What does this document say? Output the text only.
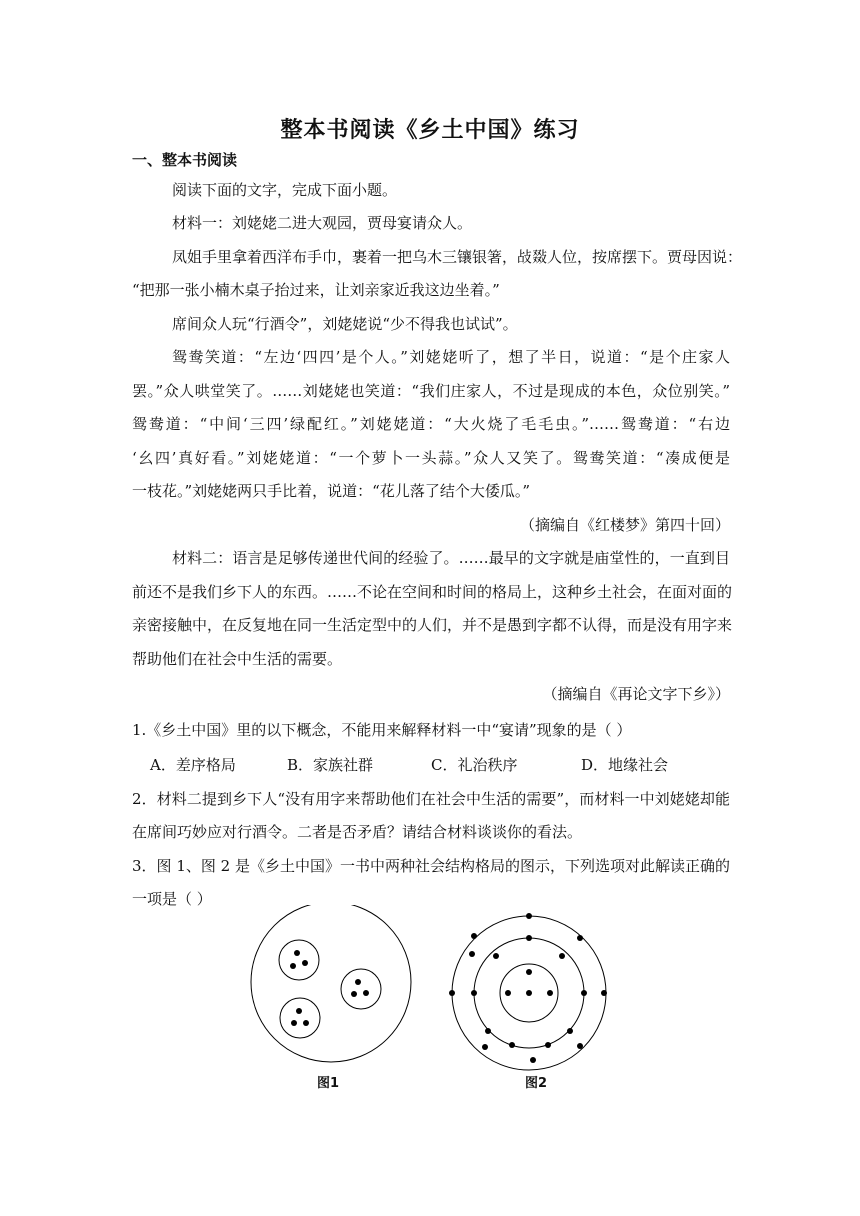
整本书阅读《乡土中国》练习
一、整本书阅读
阅读下面的文字，完成下面小题。
材料一：刘姥姥二进大观园，贾母宴请众人。
凤姐手里拿着西洋布手巾，裹着一把乌木三镶银箸，敁敠人位，按席摆下。贾母因说：
“把那一张小楠木桌子抬过来，让刘亲家近我这边坐着。”
席间众人玩“行酒令”，刘姥姥说“少不得我也试试”。
鸳鸯笑道：“左边‘四四’是个人。”刘姥姥听了，想了半日，说道：“是个庄家人
罢。”众人哄堂笑了。……刘姥姥也笑道：“我们庄家人，不过是现成的本色，众位别笑。”
鸳鸯道：“中间‘三四’绿配红。”刘姥姥道：“大火烧了毛毛虫。”……鸳鸯道：“右边
‘幺四’真好看。”刘姥姥道：“一个萝卜一头蒜。”众人又笑了。鸳鸯笑道：“凑成便是
一枝花。”刘姥姥两只手比着，说道：“花儿落了结个大倭瓜。”
（摘编自《红楼梦》第四十回）
材料二：语言是足够传递世代间的经验了。……最早的文字就是庙堂性的，一直到目
前还不是我们乡下人的东西。……不论在空间和时间的格局上，这种乡土社会，在面对面的
亲密接触中，在反复地在同一生活定型中的人们，并不是愚到字都不认得，而是没有用字来
帮助他们在社会中生活的需要。
（摘编自《再论文字下乡》）
1.《乡土中国》里的以下概念，不能用来解释材料一中“宴请”现象的是（ ）
A．差序格局	B．家族社群	C．礼治秩序	D．地缘社会
2．材料二提到乡下人“没有用字来帮助他们在社会中生活的需要”，而材料一中刘姥姥却能
在席间巧妙应对行酒令。二者是否矛盾？请结合材料谈谈你的看法。
3．图 1、图 2 是《乡土中国》一书中两种社会结构格局的图示，下列选项对此解读正确的
一项是（ ）
图1	图2
